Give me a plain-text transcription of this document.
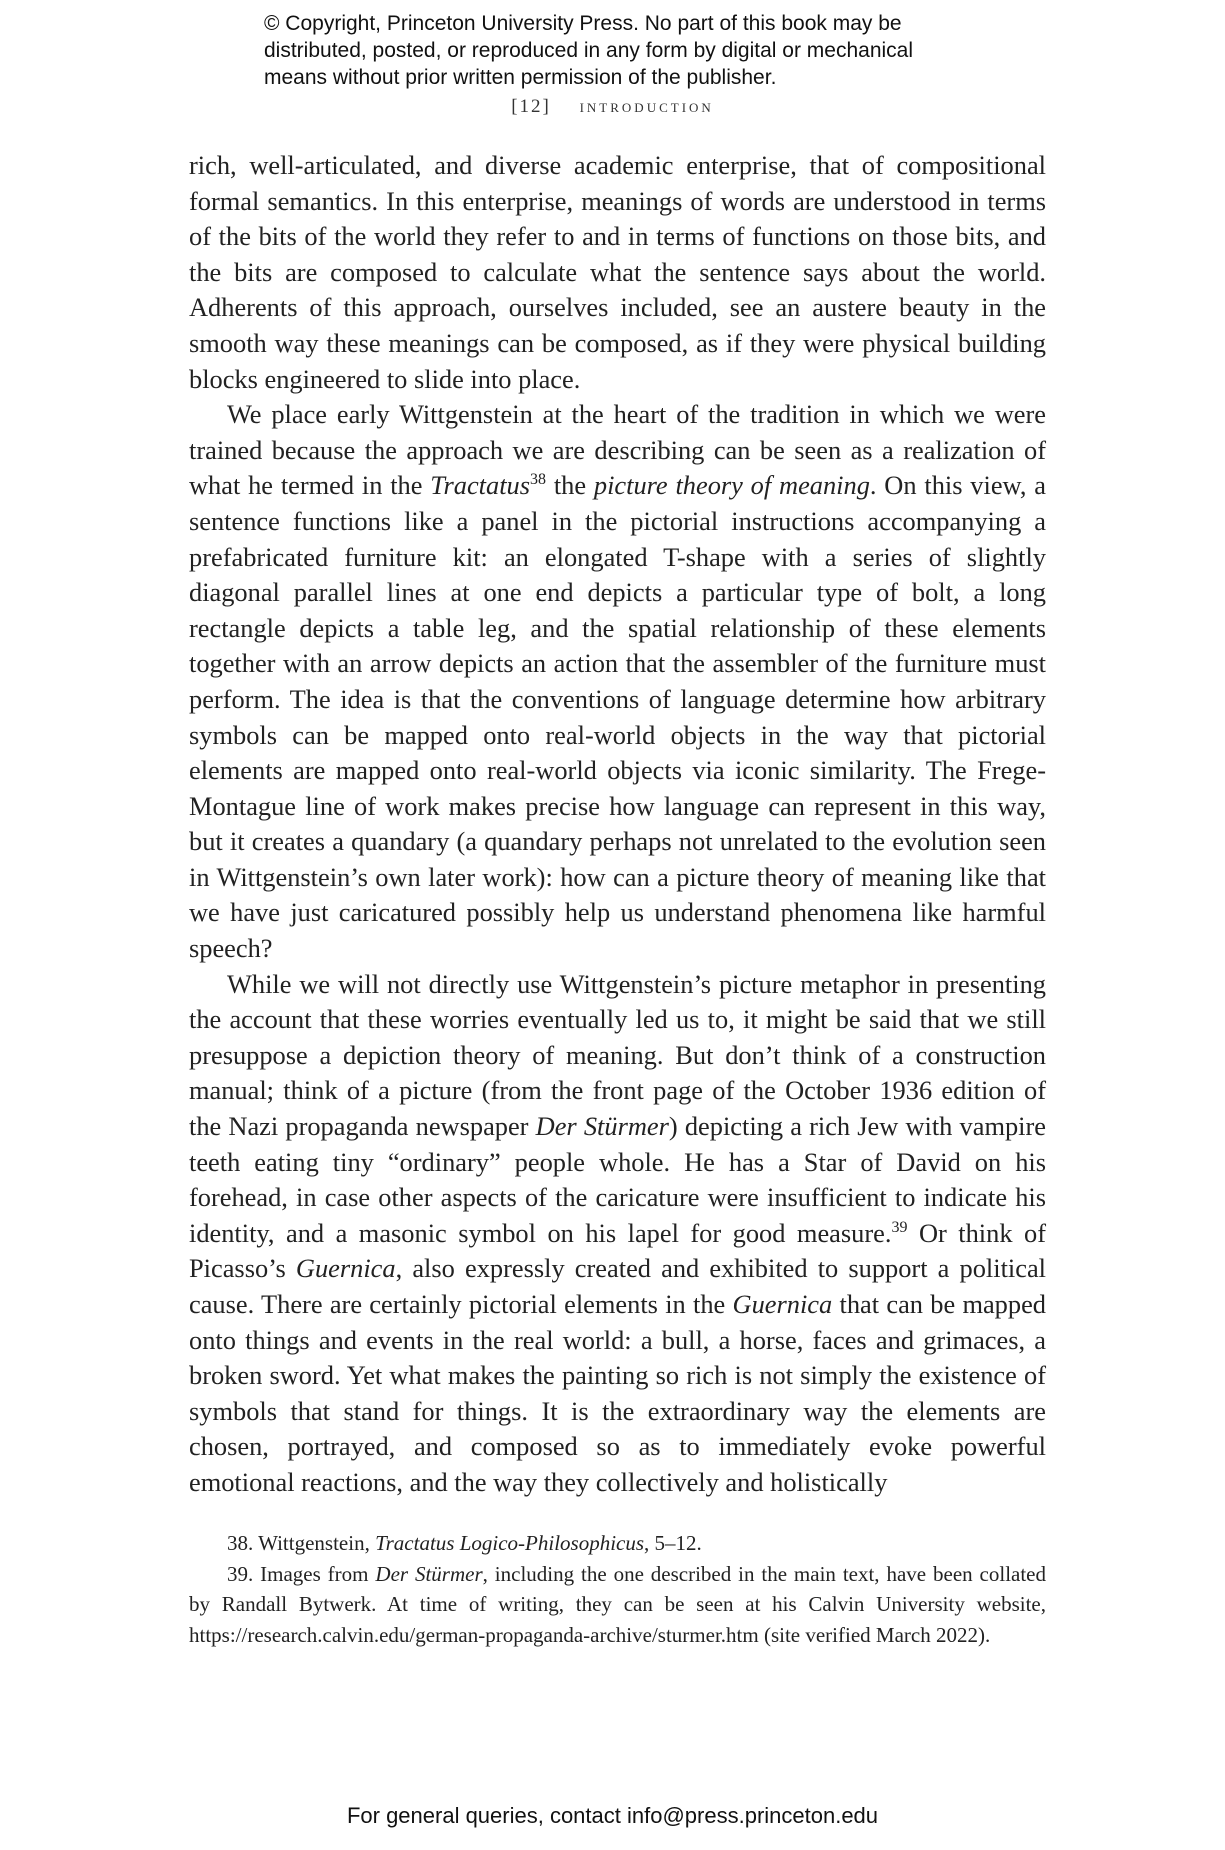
© Copyright, Princeton University Press. No part of this book may be
distributed, posted, or reproduced in any form by digital or mechanical
means without prior written permission of the publisher.
[12] introduction

rich, well-articulated, and diverse academic enterprise, that of compositional formal semantics. In this enterprise, meanings of words are understood in terms of the bits of the world they refer to and in terms of functions on those bits, and the bits are composed to calculate what the sentence says about the world. Adherents of this approach, ourselves included, see an austere beauty in the smooth way these meanings can be composed, as if they were physical building blocks engineered to slide into place.

We place early Wittgenstein at the heart of the tradition in which we were trained because the approach we are describing can be seen as a realization of what he termed in the Tractatus$^{38}$ the picture theory of meaning. On this view, a sentence functions like a panel in the pictorial instructions accompanying a prefabricated furniture kit: an elongated T-shape with a series of slightly diagonal parallel lines at one end depicts a particular type of bolt, a long rectangle depicts a table leg, and the spatial relationship of these elements together with an arrow depicts an action that the assembler of the furniture must perform. The idea is that the conventions of language determine how arbitrary symbols can be mapped onto real-world objects in the way that pictorial elements are mapped onto real-world objects via iconic similarity. The Frege-Montague line of work makes precise how language can represent in this way, but it creates a quandary (a quandary perhaps not unrelated to the evolution seen in Wittgenstein’s own later work): how can a picture theory of meaning like that we have just caricatured possibly help us understand phenomena like harmful speech?

While we will not directly use Wittgenstein’s picture metaphor in presenting the account that these worries eventually led us to, it might be said that we still presuppose a depiction theory of meaning. But don’t think of a construction manual; think of a picture (from the front page of the October 1936 edition of the Nazi propaganda newspaper Der Stürmer) depicting a rich Jew with vampire teeth eating tiny “ordinary” people whole. He has a Star of David on his forehead, in case other aspects of the caricature were insufficient to indicate his identity, and a masonic symbol on his lapel for good measure.$^{39}$ Or think of Picasso’s Guernica, also expressly created and exhibited to support a political cause. There are certainly pictorial elements in the Guernica that can be mapped onto things and events in the real world: a bull, a horse, faces and grimaces, a broken sword. Yet what makes the painting so rich is not simply the existence of symbols that stand for things. It is the extraordinary way the elements are chosen, portrayed, and composed so as to immediately evoke powerful emotional reactions, and the way they collectively and holistically

38. Wittgenstein, Tractatus Logico-Philosophicus, 5–12.

39. Images from Der Stürmer, including the one described in the main text, have been collated by Randall Bytwerk. At time of writing, they can be seen at his Calvin University website, https://research.calvin.edu/german-propaganda-archive/sturmer.htm (site verified March 2022).

For general queries, contact info@press.princeton.edu
